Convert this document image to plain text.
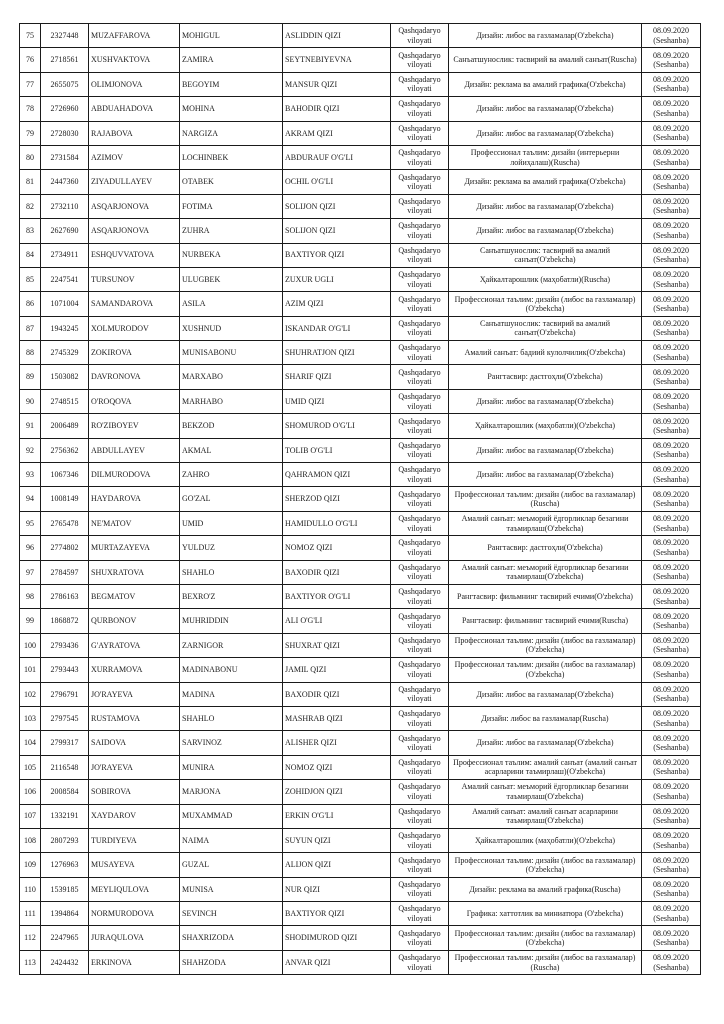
75	2327448	MUZAFFAROVA	MOHIGUL	ASLIDDIN QIZI	Qashqadaryo viloyati	Дизайн: либос ва газламалар(O'zbekcha)	08.09.2020 (Seshanba)
76	2718561	XUSHVAKTOVA	ZAMIRA	SEYTNEBIYEVNA	Qashqadaryo viloyati	Санъатшунослик: тасвирий ва амалий санъат(Ruscha)	08.09.2020 (Seshanba)
77	2655075	OLIMJONOVA	BEGOYIM	MANSUR QIZI	Qashqadaryo viloyati	Дизайн: реклама ва амалий графика(O'zbekcha)	08.09.2020 (Seshanba)
78	2726960	ABDUAHADOVA	MOHINA	BAHODIR QIZI	Qashqadaryo viloyati	Дизайн: либос ва газламалар(O'zbekcha)	08.09.2020 (Seshanba)
79	2728030	RAJABOVA	NARGIZA	AKRAM QIZI	Qashqadaryo viloyati	Дизайн: либос ва газламалар(O'zbekcha)	08.09.2020 (Seshanba)
80	2731584	AZIMOV	LOCHINBEK	ABDURAUF O'G'LI	Qashqadaryo viloyati	Профессионал таълим: дизайн (интерьерни лойиҳалаш)(Ruscha)	08.09.2020 (Seshanba)
81	2447360	ZIYADULLAYEV	OTABEK	OCHIL O'G'LI	Qashqadaryo viloyati	Дизайн: реклама ва амалий графика(O'zbekcha)	08.09.2020 (Seshanba)
82	2732110	ASQARJONOVA	FOTIMA	SOLIJON QIZI	Qashqadaryo viloyati	Дизайн: либос ва газламалар(O'zbekcha)	08.09.2020 (Seshanba)
83	2627690	ASQARJONOVA	ZUHRA	SOLIJON QIZI	Qashqadaryo viloyati	Дизайн: либос ва газламалар(O'zbekcha)	08.09.2020 (Seshanba)
84	2734911	ESHQUVVATOVA	NURBEKA	BAXTIYOR QIZI	Qashqadaryo viloyati	Санъатшунослик: тасвирий ва амалий санъат(O'zbekcha)	08.09.2020 (Seshanba)
85	2247541	TURSUNOV	ULUGBEK	ZUXUR UGLI	Qashqadaryo viloyati	Ҳайкалтарошлик (маҳобатли)(Ruscha)	08.09.2020 (Seshanba)
86	1071004	SAMANDAROVA	ASILA	AZIM QIZI	Qashqadaryo viloyati	Профессионал таълим: дизайн (либос ва газламалар)(O'zbekcha)	08.09.2020 (Seshanba)
87	1943245	XOLMURODOV	XUSHNUD	ISKANDAR O'G'LI	Qashqadaryo viloyati	Санъатшунослик: тасвирий ва амалий санъат(O'zbekcha)	08.09.2020 (Seshanba)
88	2745329	ZOKIROVA	MUNISABONU	SHUHRATJON QIZI	Qashqadaryo viloyati	Амалий санъат: бадиий кулолчилик(O'zbekcha)	08.09.2020 (Seshanba)
89	1503082	DAVRONOVA	MARXABO	SHARIF QIZI	Qashqadaryo viloyati	Рангтасвир: дастгоҳли(O'zbekcha)	08.09.2020 (Seshanba)
90	2748515	O'ROQOVA	MARHABO	UMID QIZI	Qashqadaryo viloyati	Дизайн: либос ва газламалар(O'zbekcha)	08.09.2020 (Seshanba)
91	2006489	RO'ZIBOYEV	BEKZOD	SHOMUROD O'G'LI	Qashqadaryo viloyati	Ҳайкалтарошлик (маҳобатли)(O'zbekcha)	08.09.2020 (Seshanba)
92	2756362	ABDULLAYEV	AKMAL	TOLIB O'G'LI	Qashqadaryo viloyati	Дизайн: либос ва газламалар(O'zbekcha)	08.09.2020 (Seshanba)
93	1067346	DILMURODOVA	ZAHRO	QAHRAMON QIZI	Qashqadaryo viloyati	Дизайн: либос ва газламалар(O'zbekcha)	08.09.2020 (Seshanba)
94	1008149	HAYDAROVA	GO'ZAL	SHERZOD QIZI	Qashqadaryo viloyati	Профессионал таълим: дизайн (либос ва газламалар)(Ruscha)	08.09.2020 (Seshanba)
95	2765478	NE'MATOV	UMID	HAMIDULLO O'G'LI	Qashqadaryo viloyati	Амалий санъат: меъморий ёдгорликлар безагини таъмирлаш(O'zbekcha)	08.09.2020 (Seshanba)
96	2774802	MURTAZAYEVA	YULDUZ	NOMOZ QIZI	Qashqadaryo viloyati	Рангтасвир: дастгоҳли(O'zbekcha)	08.09.2020 (Seshanba)
97	2784597	SHUXRATOVA	SHAHLO	BAXODIR QIZI	Qashqadaryo viloyati	Амалий санъат: меъморий ёдгорликлар безагини таъмирлаш(O'zbekcha)	08.09.2020 (Seshanba)
98	2786163	BEGMATOV	BEXRO'Z	BAXTIYOR O'G'LI	Qashqadaryo viloyati	Рангтасвир: фильмнинг тасвирий ечими(O'zbekcha)	08.09.2020 (Seshanba)
99	1868872	QURBONOV	MUHRIDDIN	ALI O'G'LI	Qashqadaryo viloyati	Рангтасвир: фильмнинг тасвирий ечими(Ruscha)	08.09.2020 (Seshanba)
100	2793436	G'AYRATOVA	ZARNIGOR	SHUXRAT QIZI	Qashqadaryo viloyati	Профессионал таълим: дизайн (либос ва газламалар)(O'zbekcha)	08.09.2020 (Seshanba)
101	2793443	XURRAMOVA	MADINABONU	JAMIL QIZI	Qashqadaryo viloyati	Профессионал таълим: дизайн (либос ва газламалар)(O'zbekcha)	08.09.2020 (Seshanba)
102	2796791	JO'RAYEVA	MADINA	BAXODIR QIZI	Qashqadaryo viloyati	Дизайн: либос ва газламалар(O'zbekcha)	08.09.2020 (Seshanba)
103	2797545	RUSTAMOVA	SHAHLO	MASHRAB QIZI	Qashqadaryo viloyati	Дизайн: либос ва газламалар(Ruscha)	08.09.2020 (Seshanba)
104	2799317	SAIDOVA	SARVINOZ	ALISHER QIZI	Qashqadaryo viloyati	Дизайн: либос ва газламалар(O'zbekcha)	08.09.2020 (Seshanba)
105	2116548	JO'RAYEVA	MUNIRA	NOMOZ QIZI	Qashqadaryo viloyati	Профессионал таълим: амалий санъат (амалий санъат асарларини таъмирлаш)(O'zbekcha)	08.09.2020 (Seshanba)
106	2008584	SOBIROVA	MARJONA	ZOHIDJON QIZI	Qashqadaryo viloyati	Амалий санъат: меъморий ёдгорликлар безагини таъмирлаш(O'zbekcha)	08.09.2020 (Seshanba)
107	1332191	XAYDAROV	MUXAMMAD	ERKIN O'G'LI	Qashqadaryo viloyati	Амалий санъат: амалий санъат асарларини таъмирлаш(O'zbekcha)	08.09.2020 (Seshanba)
108	2807293	TURDIYEVA	NAIMA	SUYUN QIZI	Qashqadaryo viloyati	Ҳайкалтарошлик (маҳобатли)(O'zbekcha)	08.09.2020 (Seshanba)
109	1276963	MUSAYEVA	GUZAL	ALIJON QIZI	Qashqadaryo viloyati	Профессионал таълим: дизайн (либос ва газламалар)(O'zbekcha)	08.09.2020 (Seshanba)
110	1539185	MEYLIQULOVA	MUNISA	NUR QIZI	Qashqadaryo viloyati	Дизайн: реклама ва амалий графика(Ruscha)	08.09.2020 (Seshanba)
111	1394864	NORMURODOVA	SEVINCH	BAXTIYOR QIZI	Qashqadaryo viloyati	Графика: хаттотлик ва миниатюра (O'zbekcha)	08.09.2020 (Seshanba)
112	2247965	JURAQULOVA	SHAXRIZODA	SHODIMUROD QIZI	Qashqadaryo viloyati	Профессионал таълим: дизайн (либос ва газламалар)(O'zbekcha)	08.09.2020 (Seshanba)
113	2424432	ERKINOVA	SHAHZODA	ANVAR QIZI	Qashqadaryo viloyati	Профессионал таълим: дизайн (либос ва газламалар)(Ruscha)	08.09.2020 (Seshanba)
